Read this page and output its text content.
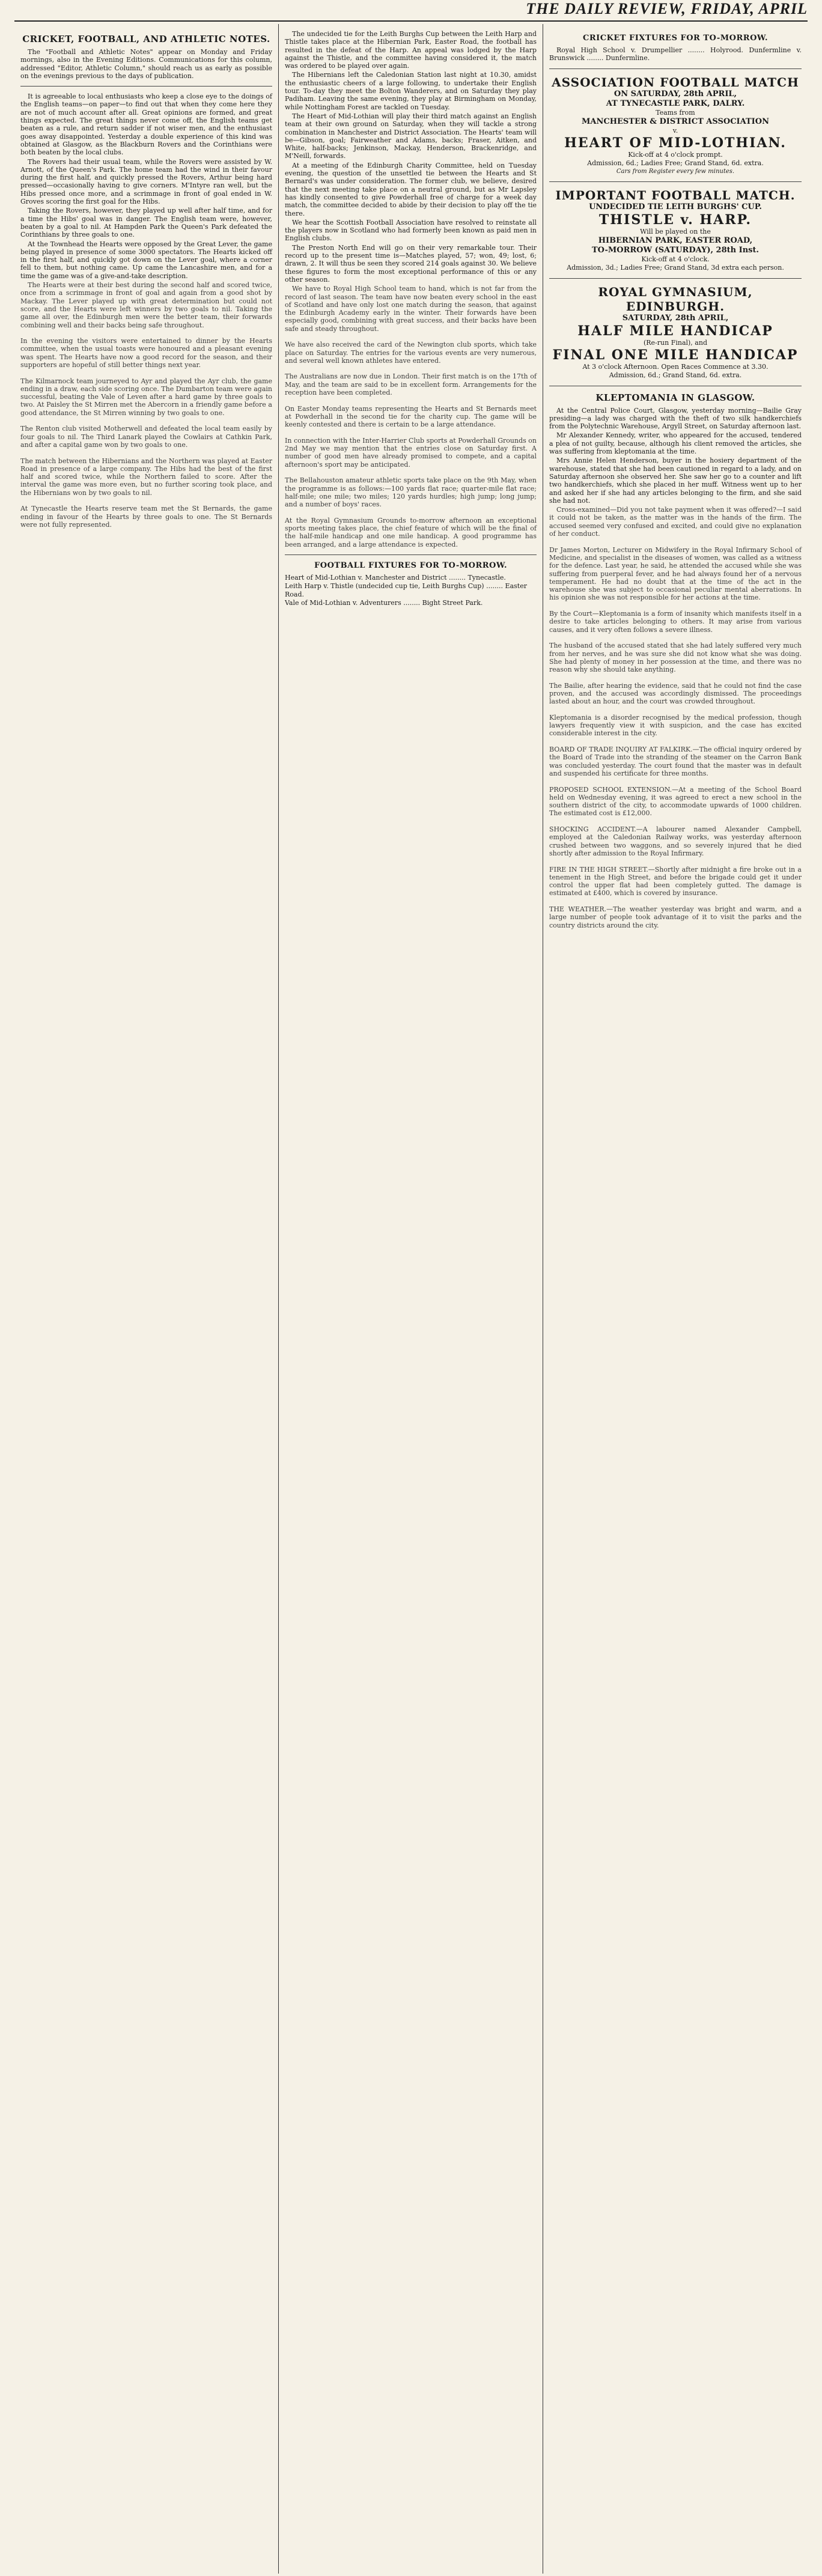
THE DAILY REVIEW, FRIDAY, APRIL
CRICKET, FOOTBALL, AND ATHLETIC NOTES.

The "Football and Athletic Notes" appear on Monday and Friday mornings, also in the Evening Editions. Communications for this column, addressed "Editor, Athletic Column," should reach us as early as possible on the evenings previous to the days of publication.

It is agreeable to local enthusiasts who keep a close eye to the doings of the English teams—on paper—to find out that when they come here they are not of much account after all. Great opinions are formed, and great things expected. The great things never come off, the English teams get beaten as a rule, and return sadder if not wiser men, and the enthusiast goes away disappointed. Yesterday a double experience of this kind was obtained at Glasgow, as the Blackburn Rovers and the Corinthians were both beaten by the local clubs.

The Rovers had their usual team, while the Rovers were assisted by W. Arnott, of the Queen's Park. The home team had the wind in their favour during the first half, and quickly pressed the Rovers, Arthur being hard pressed—occasionally having to give corners. M'Intyre ran well, but the Hibs pressed once more, and a scrimmage in front of goal ended in W. Groves scoring the first goal for the Hibs.

Taking the Rovers, however, they played up well after half time, and for a time the Hibs' goal was in danger. The English team were, however, beaten by a goal to nil. At Hampden Park the Queen's Park defeated the Corinthians by three goals to one.

At the Townhead the Hearts were opposed by the Great Lever, the game being played in presence of some 3000 spectators. The Hearts kicked off in the first half, and quickly got down on the Lever goal, where a corner fell to them, but nothing came. Up came the Lancashire men, and for a time the game was of a give-and-take description.

The Hearts were at their best during the second half and scored twice, once from a scrimmage in front of goal and again from a good shot by Mackay. The Lever played up with great determination but could not score, and the Hearts were left winners by two goals to nil. Taking the game all over, the Edinburgh men were the better team, their forwards combining well and their backs being safe throughout.

In the evening the visitors were entertained to dinner by the Hearts committee, when the usual toasts were honoured and a pleasant evening was spent. The Hearts have now a good record for the season, and their supporters are hopeful of still better things next year.

The Kilmarnock team journeyed to Ayr and played the Ayr club, the game ending in a draw, each side scoring once. The Dumbarton team were again successful, beating the Vale of Leven after a hard game by three goals to two. At Paisley the St Mirren met the Abercorn in a friendly game before a good attendance, the St Mirren winning by two goals to one.

The Renton club visited Motherwell and defeated the local team easily by four goals to nil. The Third Lanark played the Cowlairs at Cathkin Park, and after a capital game won by two goals to one.

The match between the Hibernians and the Northern was played at Easter Road in presence of a large company. The Hibs had the best of the first half and scored twice, while the Northern failed to score. After the interval the game was more even, but no further scoring took place, and the Hibernians won by two goals to nil.

At Tynecastle the Hearts reserve team met the St Bernards, the game ending in favour of the Hearts by three goals to one. The St Bernards were not fully represented.

The undecided tie for the Leith Burghs Cup between the Leith Harp and Thistle takes place at the Hibernian Park, Easter Road, the football has resulted in the defeat of the Harp. An appeal was lodged by the Harp against the Thistle, and the committee having considered it, the match was ordered to be played over again.

The Hibernians left the Caledonian Station last night at 10.30, amidst the enthusiastic cheers of a large following, to undertake their English tour. To-day they meet the Bolton Wanderers, and on Saturday they play Padiham. Leaving the same evening, they play at Birmingham on Monday, while Nottingham Forest are tackled on Tuesday.

The Heart of Mid-Lothian will play their third match against an English team at their own ground on Saturday, when they will tackle a strong combination in Manchester and District Association. The Hearts' team will be—Gibson, goal; Fairweather and Adams, backs; Fraser, Aitken, and White, half-backs; Jenkinson, Mackay, Henderson, Brackenridge, and M'Neill, forwards.

At a meeting of the Edinburgh Charity Committee, held on Tuesday evening, the question of the unsettled tie between the Hearts and St Bernard's was under consideration. The former club, we believe, desired that the next meeting take place on a neutral ground, but as Mr Lapsley has kindly consented to give Powderhall free of charge for a week day match, the committee decided to abide by their decision to play off the tie there.

We hear the Scottish Football Association have resolved to reinstate all the players now in Scotland who had formerly been known as paid men in English clubs.

The Preston North End will go on their very remarkable tour. Their record up to the present time is—Matches played, 57; won, 49; lost, 6; drawn, 2. It will thus be seen they scored 214 goals against 30. We believe these figures to form the most exceptional performance of this or any other season.

We have to Royal High School team to hand, which is not far from the record of last season. The team have now beaten every school in the east of Scotland and have only lost one match during the season, that against the Edinburgh Academy early in the winter. Their forwards have been especially good, combining with great success, and their backs have been safe and steady throughout.

We have also received the card of the Newington club sports, which take place on Saturday. The entries for the various events are very numerous, and several well known athletes have entered.

The Australians are now due in London. Their first match is on the 17th of May, and the team are said to be in excellent form. Arrangements for the reception have been completed.

On Easter Monday teams representing the Hearts and St Bernards meet at Powderhall in the second tie for the charity cup. The game will be keenly contested and there is certain to be a large attendance.

In connection with the Inter-Harrier Club sports at Powderhall Grounds on 2nd May we may mention that the entries close on Saturday first. A number of good men have already promised to compete, and a capital afternoon's sport may be anticipated.

The Bellahouston amateur athletic sports take place on the 9th May, when the programme is as follows:—100 yards flat race; quarter-mile flat race; half-mile; one mile; two miles; 120 yards hurdles; high jump; long jump; and a number of boys' races.

At the Royal Gymnasium Grounds to-morrow afternoon an exceptional sports meeting takes place, the chief feature of which will be the final of the half-mile handicap and one mile handicap. A good programme has been arranged, and a large attendance is expected.
FOOTBALL FIXTURES FOR TO-MORROW.
Heart of Mid-Lothian v. Manchester and District ........ Tynecastle.
Leith Harp v. Thistle (undecided cup tie, Leith Burghs Cup) ........ Easter Road.
Vale of Mid-Lothian v. Adventurers ........ Bight Street Park.
CRICKET FIXTURES FOR TO-MORROW.

Royal High School v. Drumpellier ........ Holyrood. Dunfermline v. Brunswick ........ Dunfermline.

ASSOCIATION FOOTBALL MATCH
ON SATURDAY, 28th APRIL,
AT TYNECASTLE PARK, DALRY.
Teams from
MANCHESTER & DISTRICT ASSOCIATION
v.
HEART OF MID-LOTHIAN.
Kick-off at 4 o'clock prompt.
Admission, 6d.; Ladies Free; Grand Stand, 6d. extra.
Cars from Register every few minutes.
IMPORTANT FOOTBALL MATCH.
UNDECIDED TIE LEITH BURGHS' CUP.
THISTLE v. HARP.
Will be played on the
HIBERNIAN PARK, EASTER ROAD,
TO-MORROW (SATURDAY), 28th Inst.
Kick-off at 4 o'clock.
Admission, 3d.; Ladies Free; Grand Stand, 3d extra each person.
ROYAL GYMNASIUM, EDINBURGH.
SATURDAY, 28th APRIL,
HALF MILE HANDICAP
(Re-run Final), and
FINAL ONE MILE HANDICAP
At 3 o'clock Afternoon. Open Races Commence at 3.30.
Admission, 6d.; Grand Stand, 6d. extra.
KLEPTOMANIA IN GLASGOW.

At the Central Police Court, Glasgow, yesterday morning—Bailie Gray presiding—a lady was charged with the theft of two silk handkerchiefs from the Polytechnic Warehouse, Argyll Street, on Saturday afternoon last.

Mr Alexander Kennedy, writer, who appeared for the accused, tendered a plea of not guilty, because, although his client removed the articles, she was suffering from kleptomania at the time.

Mrs Annie Helen Henderson, buyer in the hosiery department of the warehouse, stated that she had been cautioned in regard to a lady, and on Saturday afternoon she observed her. She saw her go to a counter and lift two handkerchiefs, which she placed in her muff. Witness went up to her and asked her if she had any articles belonging to the firm, and she said she had not.

Cross-examined—Did you not take payment when it was offered?—I said it could not be taken, as the matter was in the hands of the firm. The accused seemed very confused and excited, and could give no explanation of her conduct.

Dr James Morton, Lecturer on Midwifery in the Royal Infirmary School of Medicine, and specialist in the diseases of women, was called as a witness for the defence. Last year, he said, he attended the accused while she was suffering from puerperal fever, and he had always found her of a nervous temperament. He had no doubt that at the time of the act in the warehouse she was subject to occasional peculiar mental aberrations. In his opinion she was not responsible for her actions at the time.

By the Court—Kleptomania is a form of insanity which manifests itself in a desire to take articles belonging to others. It may arise from various causes, and it very often follows a severe illness.

The husband of the accused stated that she had lately suffered very much from her nerves, and he was sure she did not know what she was doing. She had plenty of money in her possession at the time, and there was no reason why she should take anything.

The Bailie, after hearing the evidence, said that he could not find the case proven, and the accused was accordingly dismissed. The proceedings lasted about an hour, and the court was crowded throughout.

Kleptomania is a disorder recognised by the medical profession, though lawyers frequently view it with suspicion, and the case has excited considerable interest in the city.

BOARD OF TRADE INQUIRY AT FALKIRK.—The official inquiry ordered by the Board of Trade into the stranding of the steamer on the Carron Bank was concluded yesterday. The court found that the master was in default and suspended his certificate for three months.

PROPOSED SCHOOL EXTENSION.—At a meeting of the School Board held on Wednesday evening, it was agreed to erect a new school in the southern district of the city, to accommodate upwards of 1000 children. The estimated cost is £12,000.

SHOCKING ACCIDENT.—A labourer named Alexander Campbell, employed at the Caledonian Railway works, was yesterday afternoon crushed between two waggons, and so severely injured that he died shortly after admission to the Royal Infirmary.

FIRE IN THE HIGH STREET.—Shortly after midnight a fire broke out in a tenement in the High Street, and before the brigade could get it under control the upper flat had been completely gutted. The damage is estimated at £400, which is covered by insurance.

THE WEATHER.—The weather yesterday was bright and warm, and a large number of people took advantage of it to visit the parks and the country districts around the city.
